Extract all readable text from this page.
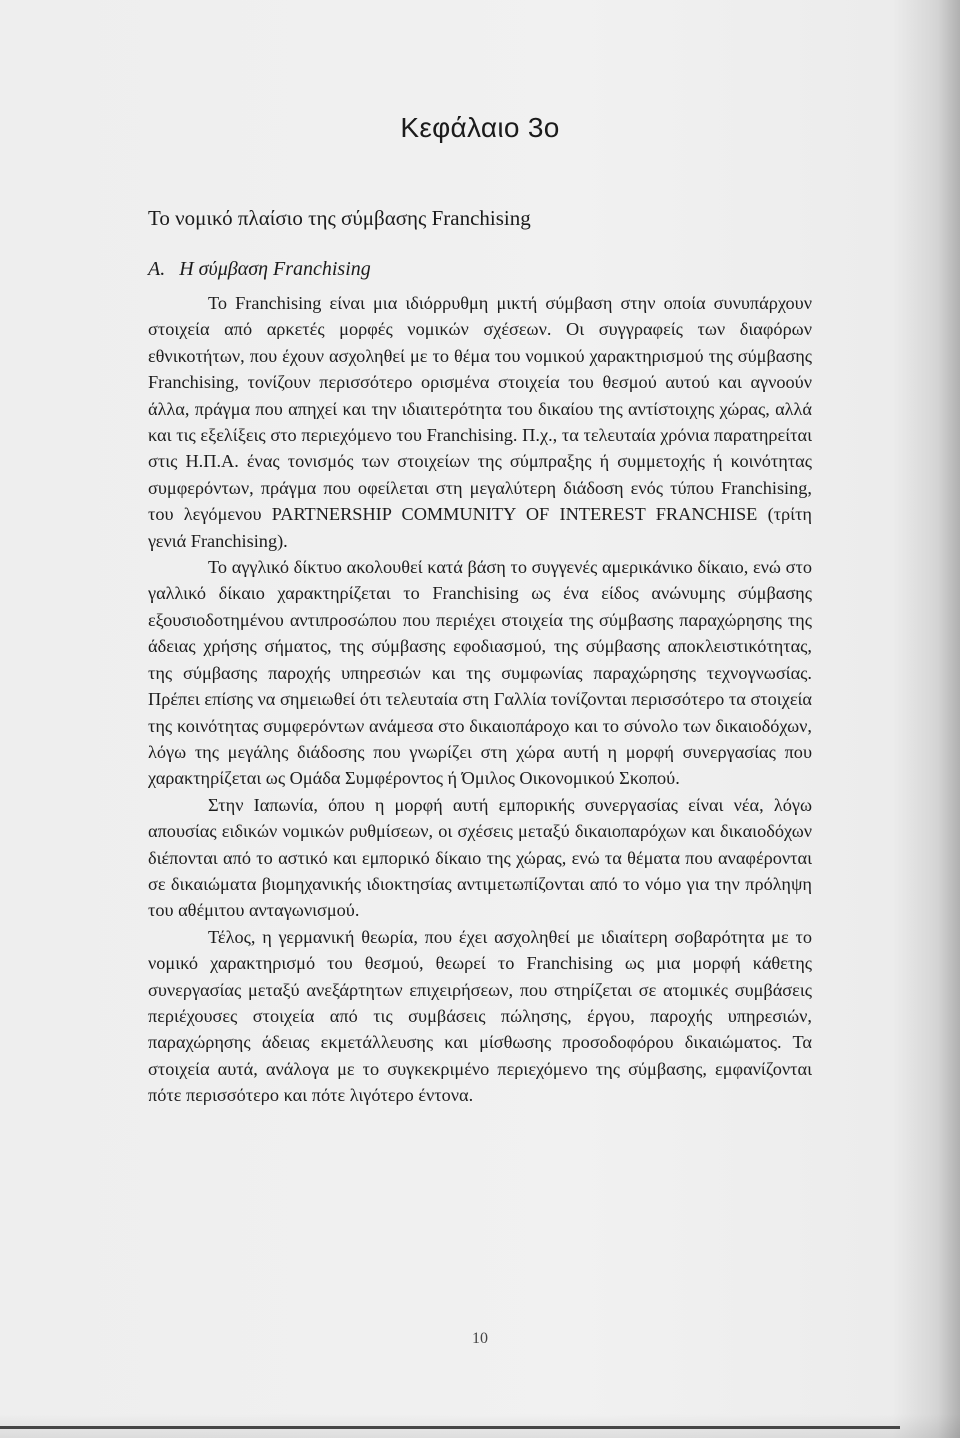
Κεφάλαιο 3ο
Το νομικό πλαίσιο της σύμβασης Franchising
Α. Η σύμβαση Franchising

Το Franchising είναι μια ιδιόρρυθμη μικτή σύμβαση στην οποία συνυπάρχουν στοιχεία από αρκετές μορφές νομικών σχέσεων. Οι συγγραφείς των διαφόρων εθνικοτήτων, που έχουν ασχοληθεί με το θέμα του νομικού χαρακτηρισμού της σύμβασης Franchising, τονίζουν περισσότερο ορισμένα στοιχεία του θεσμού αυτού και αγνοούν άλλα, πράγμα που απηχεί και την ιδιαιτερότητα του δικαίου της αντίστοιχης χώρας, αλλά και τις εξελίξεις στο περιεχόμενο του Franchising. Π.χ., τα τελευταία χρόνια παρατηρείται στις Η.Π.Α. ένας τονισμός των στοιχείων της σύμπραξης ή συμμετοχής ή κοινότητας συμφερόντων, πράγμα που οφείλεται στη μεγαλύτερη διάδοση ενός τύπου Franchising, του λεγόμενου PARTNERSHIP COMMUNITY OF INTEREST FRANCHISE (τρίτη γενιά Franchising).

Το αγγλικό δίκτυο ακολουθεί κατά βάση το συγγενές αμερικάνικο δίκαιο, ενώ στο γαλλικό δίκαιο χαρακτηρίζεται το Franchising ως ένα είδος ανώνυμης σύμβασης εξουσιοδοτημένου αντιπροσώπου που περιέχει στοιχεία της σύμβασης παραχώρησης της άδειας χρήσης σήματος, της σύμβασης εφοδιασμού, της σύμβασης αποκλειστικότητας, της σύμβασης παροχής υπηρεσιών και της συμφωνίας παραχώρησης τεχνογνωσίας. Πρέπει επίσης να σημειωθεί ότι τελευταία στη Γαλλία τονίζονται περισσότερο τα στοιχεία της κοινότητας συμφερόντων ανάμεσα στο δικαιοπάροχο και το σύνολο των δικαιοδόχων, λόγω της μεγάλης διάδοσης που γνωρίζει στη χώρα αυτή η μορφή συνεργασίας που χαρακτηρίζεται ως Ομάδα Συμφέροντος ή Όμιλος Οικονομικού Σκοπού.

Στην Ιαπωνία, όπου η μορφή αυτή εμπορικής συνεργασίας είναι νέα, λόγω απουσίας ειδικών νομικών ρυθμίσεων, οι σχέσεις μεταξύ δικαιοπαρόχων και δικαιοδόχων διέπονται από το αστικό και εμπορικό δίκαιο της χώρας, ενώ τα θέματα που αναφέρονται σε δικαιώματα βιομηχανικής ιδιοκτησίας αντιμετωπίζονται από το νόμο για την πρόληψη του αθέμιτου ανταγωνισμού.

Τέλος, η γερμανική θεωρία, που έχει ασχοληθεί με ιδιαίτερη σοβαρότητα με το νομικό χαρακτηρισμό του θεσμού, θεωρεί το Franchising ως μια μορφή κάθετης συνεργασίας μεταξύ ανεξάρτητων επιχειρήσεων, που στηρίζεται σε ατομικές συμβάσεις περιέχουσες στοιχεία από τις συμβάσεις πώλησης, έργου, παροχής υπηρεσιών, παραχώρησης άδειας εκμετάλλευσης και μίσθωσης προσοδοφόρου δικαιώματος. Τα στοιχεία αυτά, ανάλογα με το συγκεκριμένο περιεχόμενο της σύμβασης, εμφανίζονται πότε περισσότερο και πότε λιγότερο έντονα.

10
